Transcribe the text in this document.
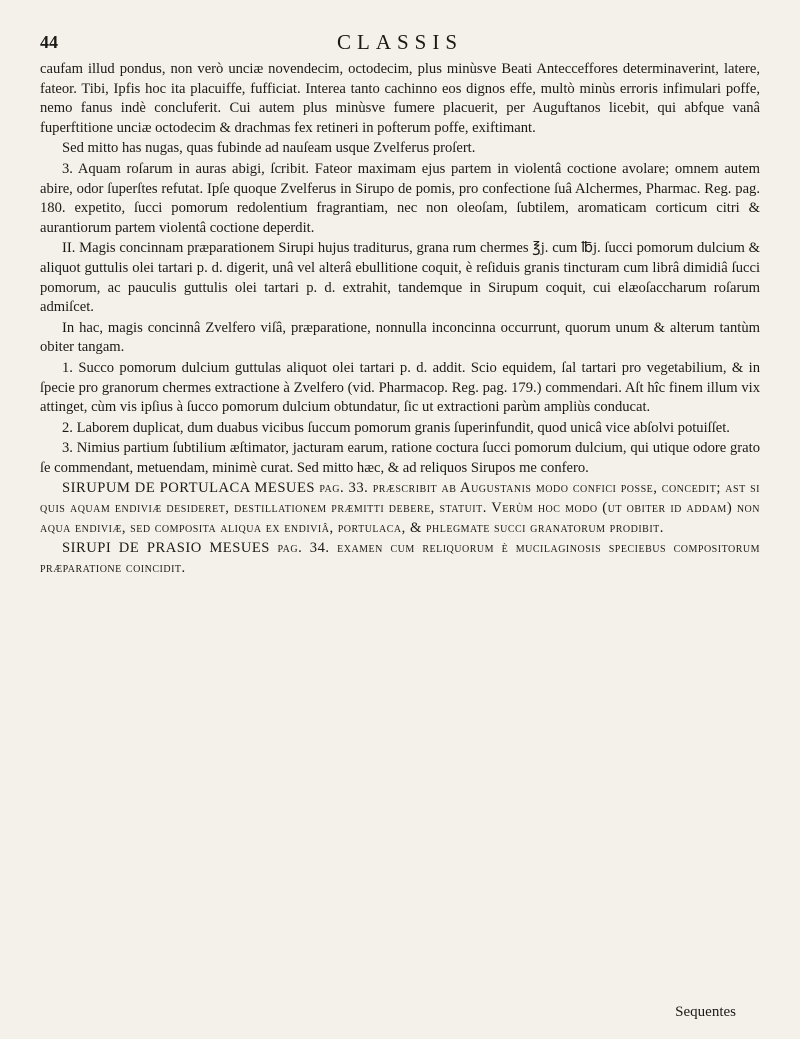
44	CLASSIS

caufam illud pondus, non verò unciæ novendecim, octodecim, plus minùsve Beati Antecceffores determinaverint, latere, fateor. Tibi, Ipfis hoc ita placuiffe, fufficiat. Interea tanto cachinno eos dignos effe, multò minùs erroris infimulari poffe, nemo fanus indè concluferit. Cui autem plus minùsve fumere placuerit, per Auguftanos licebit, qui abfque vanâ fuperftitione unciæ octodecim & drachmas fex retineri in pofterum poffe, exiftimant.

Sed mitto has nugas, quas fubinde ad nauſeam usque Zvelferus proſert.

3. Aquam roſarum in auras abigi, ſcribit. Fateor maximam ejus partem in violentâ coctione avolare; omnem autem abire, odor ſuperſtes refutat. Ipſe quoque Zvelferus in Sirupo de pomis, pro confectione ſuâ Alchermes, Pharmac. Reg. pag. 180. expetito, ſucci pomorum redolentium fragrantiam, nec non oleoſam, ſubtilem, aromaticam corticum citri & aurantiorum partem violentâ coctione deperdit.

II. Magis concinnam præparationem Sirupi hujus traditurus, grana rum chermes ℥j. cum ℔j. ſucci pomorum dulcium & aliquot guttulis olei tartari p. d. digerit, unâ vel alterâ ebullitione coquit, è reſiduis granis tincturam cum librâ dimidiâ ſucci pomorum, ac pauculis guttulis olei tartari p. d. extrahit, tandemque in Sirupum coquit, cui elæoſaccharum roſarum admiſcet.

In hac, magis concinnâ Zvelfero viſâ, præparatione, nonnulla inconcinna occurrunt, quorum unum & alterum tantùm obiter tangam.

1. Succo pomorum dulcium guttulas aliquot olei tartari p. d. addit. Scio equidem, ſal tartari pro vegetabilium, & in ſpecie pro granorum chermes extractione à Zvelfero (vid. Pharmacop. Reg. pag. 179.) commendari. Aſt hîc finem illum vix attinget, cùm vis ipſius à ſucco pomorum dulcium obtundatur, ſic ut extractioni parùm ampliùs conducat.

2. Laborem duplicat, dum duabus vicibus ſuccum pomorum granis ſuperinfundit, quod unicâ vice abſolvi potuiſſet.

3. Nimius partium ſubtilium æſtimator, jacturam earum, ratione coctura ſucci pomorum dulcium, qui utique odore grato ſe commendant, metuendam, minimè curat. Sed mitto hæc, & ad reliquos Sirupos me confero.

SIRUPUM DE PORTULACA MESUES pag. 33. præſcribit ab Auguſtanis modo confici poſſe, concedit; aſt ſi quis aquam endiviæ deſideret, deſtillationem præmitti debere, ſtatuit. Verùm hoc modo (ut obiter id addam) non aqua endiviæ, ſed compoſita aliqua ex endiviâ, portulaca, & phlegmate ſucci granatorum prodibit.

SIRUPI DE PRASIO MESUES pag. 34. examen cum reliquorum è mucilaginoſis ſpeciebus compoſitorum præparatione coincidit.

Sequentes
